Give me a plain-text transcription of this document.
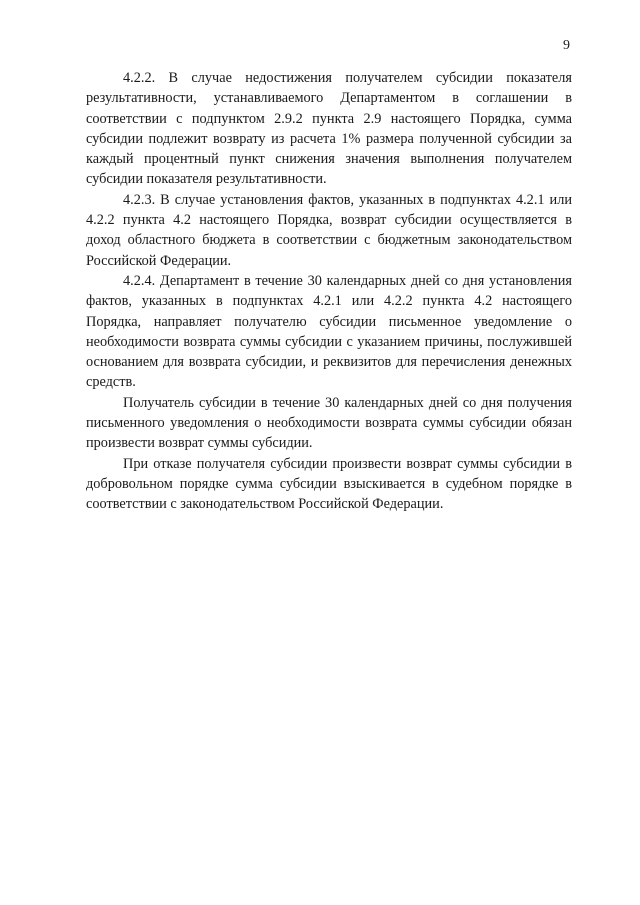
9

4.2.2. В случае недостижения получателем субсидии показателя результативности, устанавливаемого Департаментом в соглашении в соответствии с подпунктом 2.9.2 пункта 2.9 настоящего Порядка, сумма субсидии подлежит возврату из расчета 1% размера полученной субсидии за каждый процентный пункт снижения значения выполнения получателем субсидии показателя результативности.

4.2.3. В случае установления фактов, указанных в подпунктах 4.2.1 или 4.2.2 пункта 4.2 настоящего Порядка, возврат субсидии осуществляется в доход областного бюджета в соответствии с бюджетным законодательством Российской Федерации.

4.2.4. Департамент в течение 30 календарных дней со дня установления фактов, указанных в подпунктах 4.2.1 или 4.2.2 пункта 4.2 настоящего Порядка, направляет получателю субсидии письменное уведомление о необходимости возврата суммы субсидии с указанием причины, послужившей основанием для возврата субсидии, и реквизитов для перечисления денежных средств.

Получатель субсидии в течение 30 календарных дней со дня получения письменного уведомления о необходимости возврата суммы субсидии обязан произвести возврат суммы субсидии.

При отказе получателя субсидии произвести возврат суммы субсидии в добровольном порядке сумма субсидии взыскивается в судебном порядке в соответствии с законодательством Российской Федерации.
